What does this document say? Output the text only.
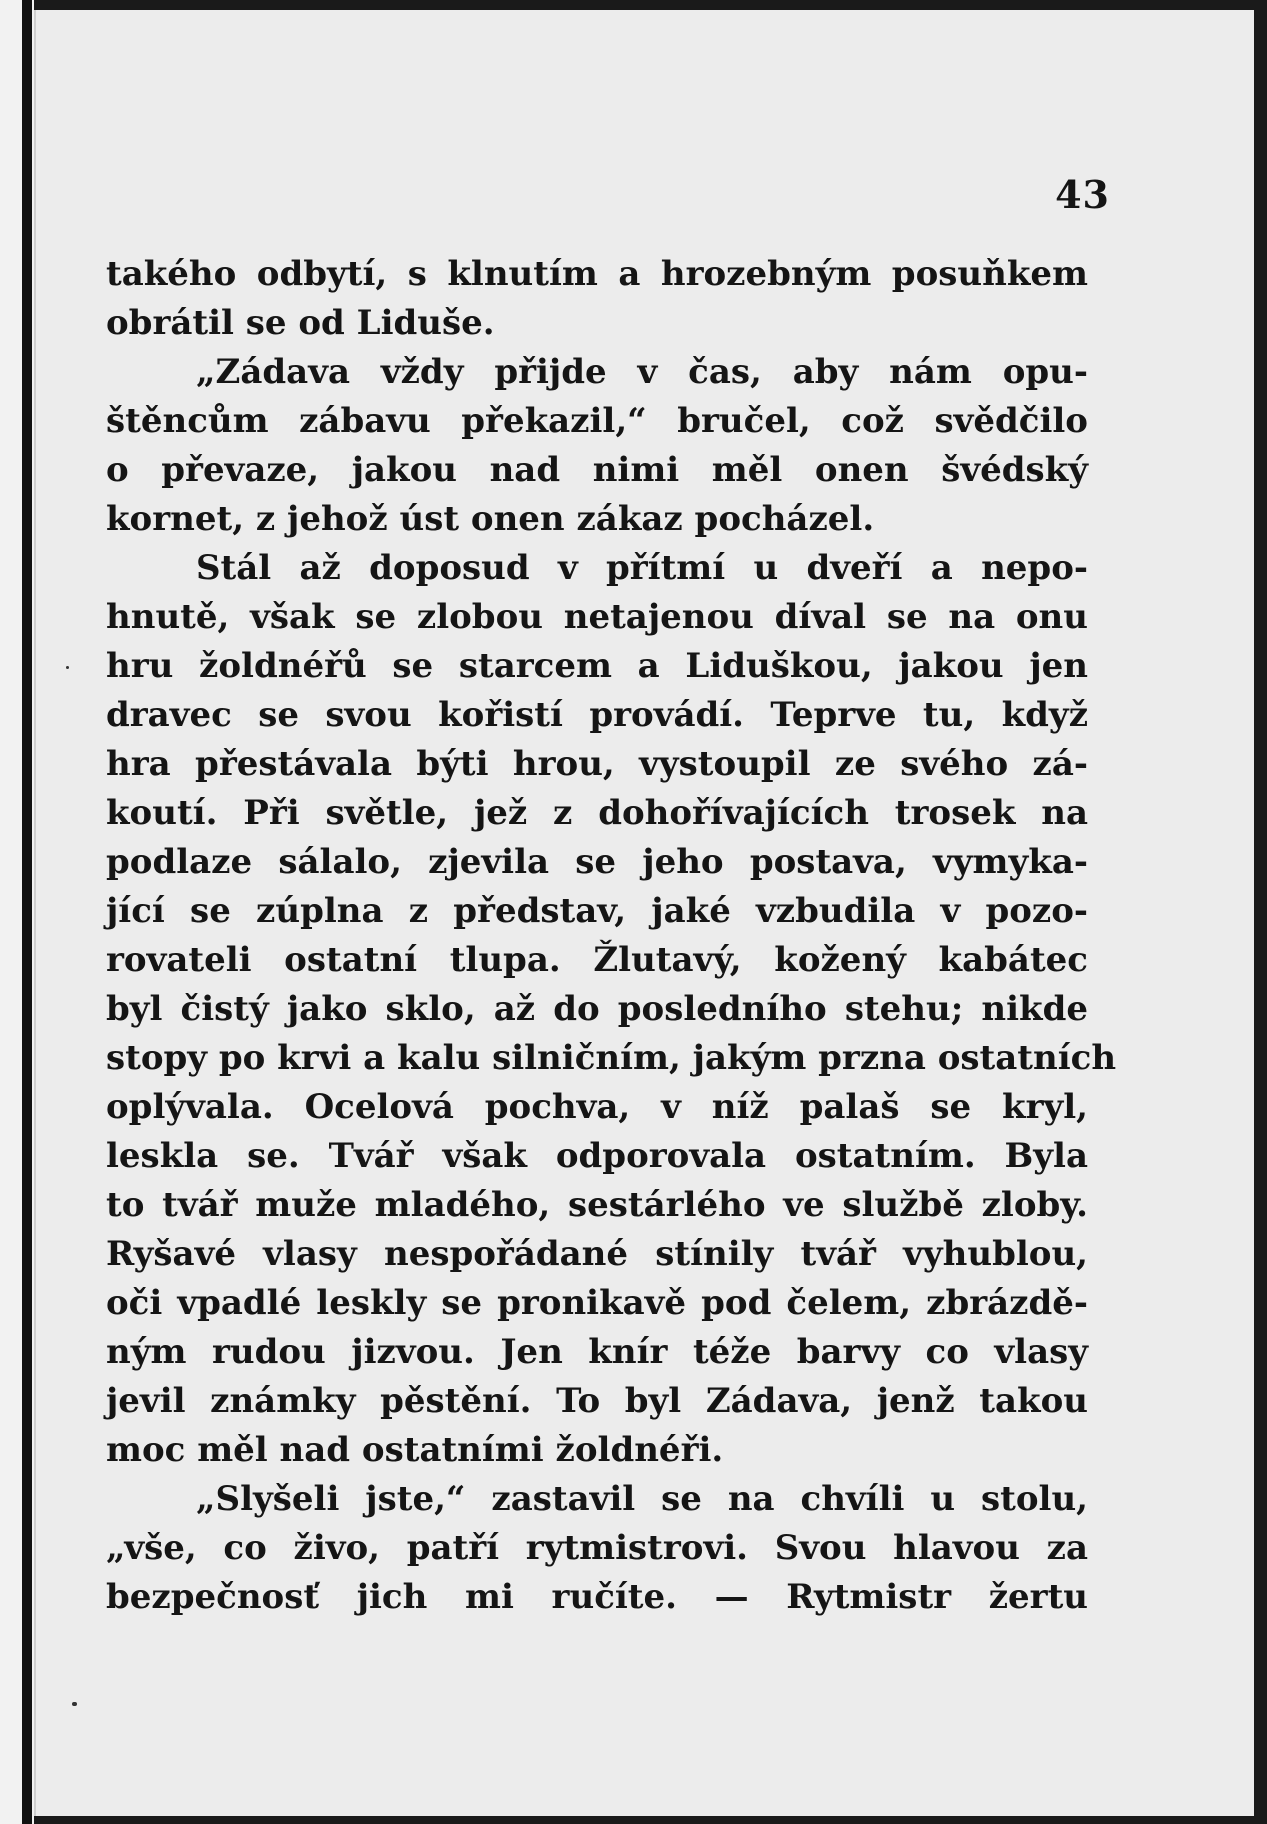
43
takého odbytí, s klnutím a hrozebným posuňkem
obrátil se od Liduše.
„Zádava vždy přijde v čas, aby nám opu-
štěncům zábavu překazil,“ bručel, což svědčilo
o převaze, jakou nad nimi měl onen švédský
kornet, z jehož úst onen zákaz pocházel.
Stál až doposud v přítmí u dveří a nepo-
hnutě, však se zlobou netajenou díval se na onu
hru žoldnéřů se starcem a Liduškou, jakou jen
dravec se svou kořistí provádí. Teprve tu, když
hra přestávala býti hrou, vystoupil ze svého zá-
koutí. Při světle, jež z dohořívajících trosek na
podlaze sálalo, zjevila se jeho postava, vymyka-
jící se zúplna z představ, jaké vzbudila v pozo-
rovateli ostatní tlupa. Žlutavý, kožený kabátec
byl čistý jako sklo, až do posledního stehu; nikde
stopy po krvi a kalu silničním, jakým przna ostatních
oplývala. Ocelová pochva, v níž palaš se kryl,
leskla se. Tvář však odporovala ostatním. Byla
to tvář muže mladého, sestárlého ve službě zloby.
Ryšavé vlasy nespořádané stínily tvář vyhublou,
oči vpadlé leskly se pronikavě pod čelem, zbrázdě-
ným rudou jizvou. Jen knír téže barvy co vlasy
jevil známky pěstění. To byl Zádava, jenž takou
moc měl nad ostatními žoldnéři.
„Slyšeli jste,“ zastavil se na chvíli u stolu,
„vše, co živo, patří rytmistrovi. Svou hlavou za
bezpečnosť jich mi ručíte. — Rytmistr žertu
